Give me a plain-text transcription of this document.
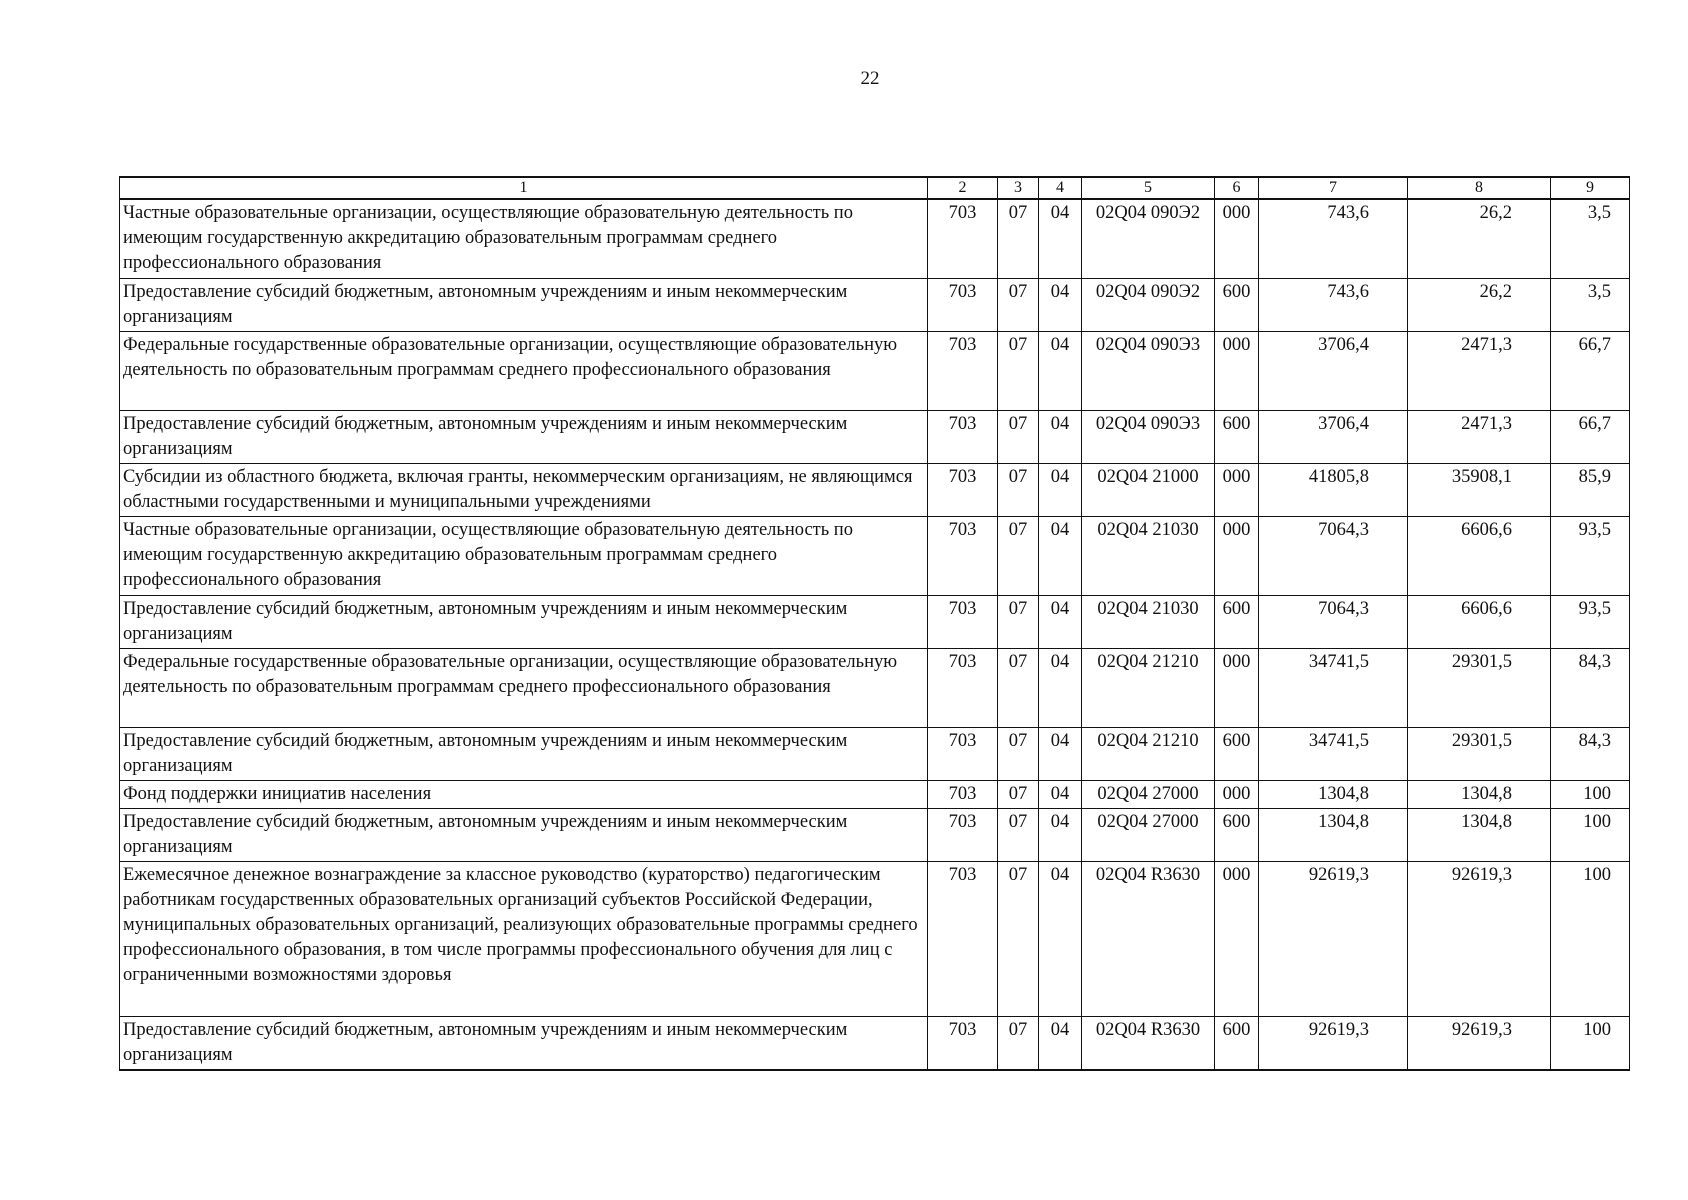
22
1	2	3	4	5	6	7	8	9
Частные образовательные организации, осуществляющие образовательную деятельность по имеющим государственную аккредитацию образовательным программам среднего профессионального образования	703	07	04	02Q04 090Э2	000	743,6	26,2	3,5
Предоставление субсидий бюджетным, автономным учреждениям и иным некоммерческим организациям	703	07	04	02Q04 090Э2	600	743,6	26,2	3,5
Федеральные государственные образовательные организации, осуществляющие образовательную деятельность по образовательным программам среднего профессионального образования	703	07	04	02Q04 090Э3	000	3706,4	2471,3	66,7
Предоставление субсидий бюджетным, автономным учреждениям и иным некоммерческим организациям	703	07	04	02Q04 090Э3	600	3706,4	2471,3	66,7
Субсидии из областного бюджета, включая гранты, некоммерческим организациям, не являющимся областными государственными и муниципальными учреждениями	703	07	04	02Q04 21000	000	41805,8	35908,1	85,9
Частные образовательные организации, осуществляющие образовательную деятельность по имеющим государственную аккредитацию образовательным программам среднего профессионального образования	703	07	04	02Q04 21030	000	7064,3	6606,6	93,5
Предоставление субсидий бюджетным, автономным учреждениям и иным некоммерческим организациям	703	07	04	02Q04 21030	600	7064,3	6606,6	93,5
Федеральные государственные образовательные организации, осуществляющие образовательную деятельность по образовательным программам среднего профессионального образования	703	07	04	02Q04 21210	000	34741,5	29301,5	84,3
Предоставление субсидий бюджетным, автономным учреждениям и иным некоммерческим организациям	703	07	04	02Q04 21210	600	34741,5	29301,5	84,3
Фонд поддержки инициатив населения	703	07	04	02Q04 27000	000	1304,8	1304,8	100
Предоставление субсидий бюджетным, автономным учреждениям и иным некоммерческим организациям	703	07	04	02Q04 27000	600	1304,8	1304,8	100
Ежемесячное денежное вознаграждение за классное руководство (кураторство) педагогическим работникам государственных образовательных организаций субъектов Российской Федерации, муниципальных образовательных организаций, реализующих образовательные программы среднего профессионального образования, в том числе программы профессионального обучения для лиц с ограниченными возможностями здоровья	703	07	04	02Q04 R3630	000	92619,3	92619,3	100
Предоставление субсидий бюджетным, автономным учреждениям и иным некоммерческим организациям	703	07	04	02Q04 R3630	600	92619,3	92619,3	100
